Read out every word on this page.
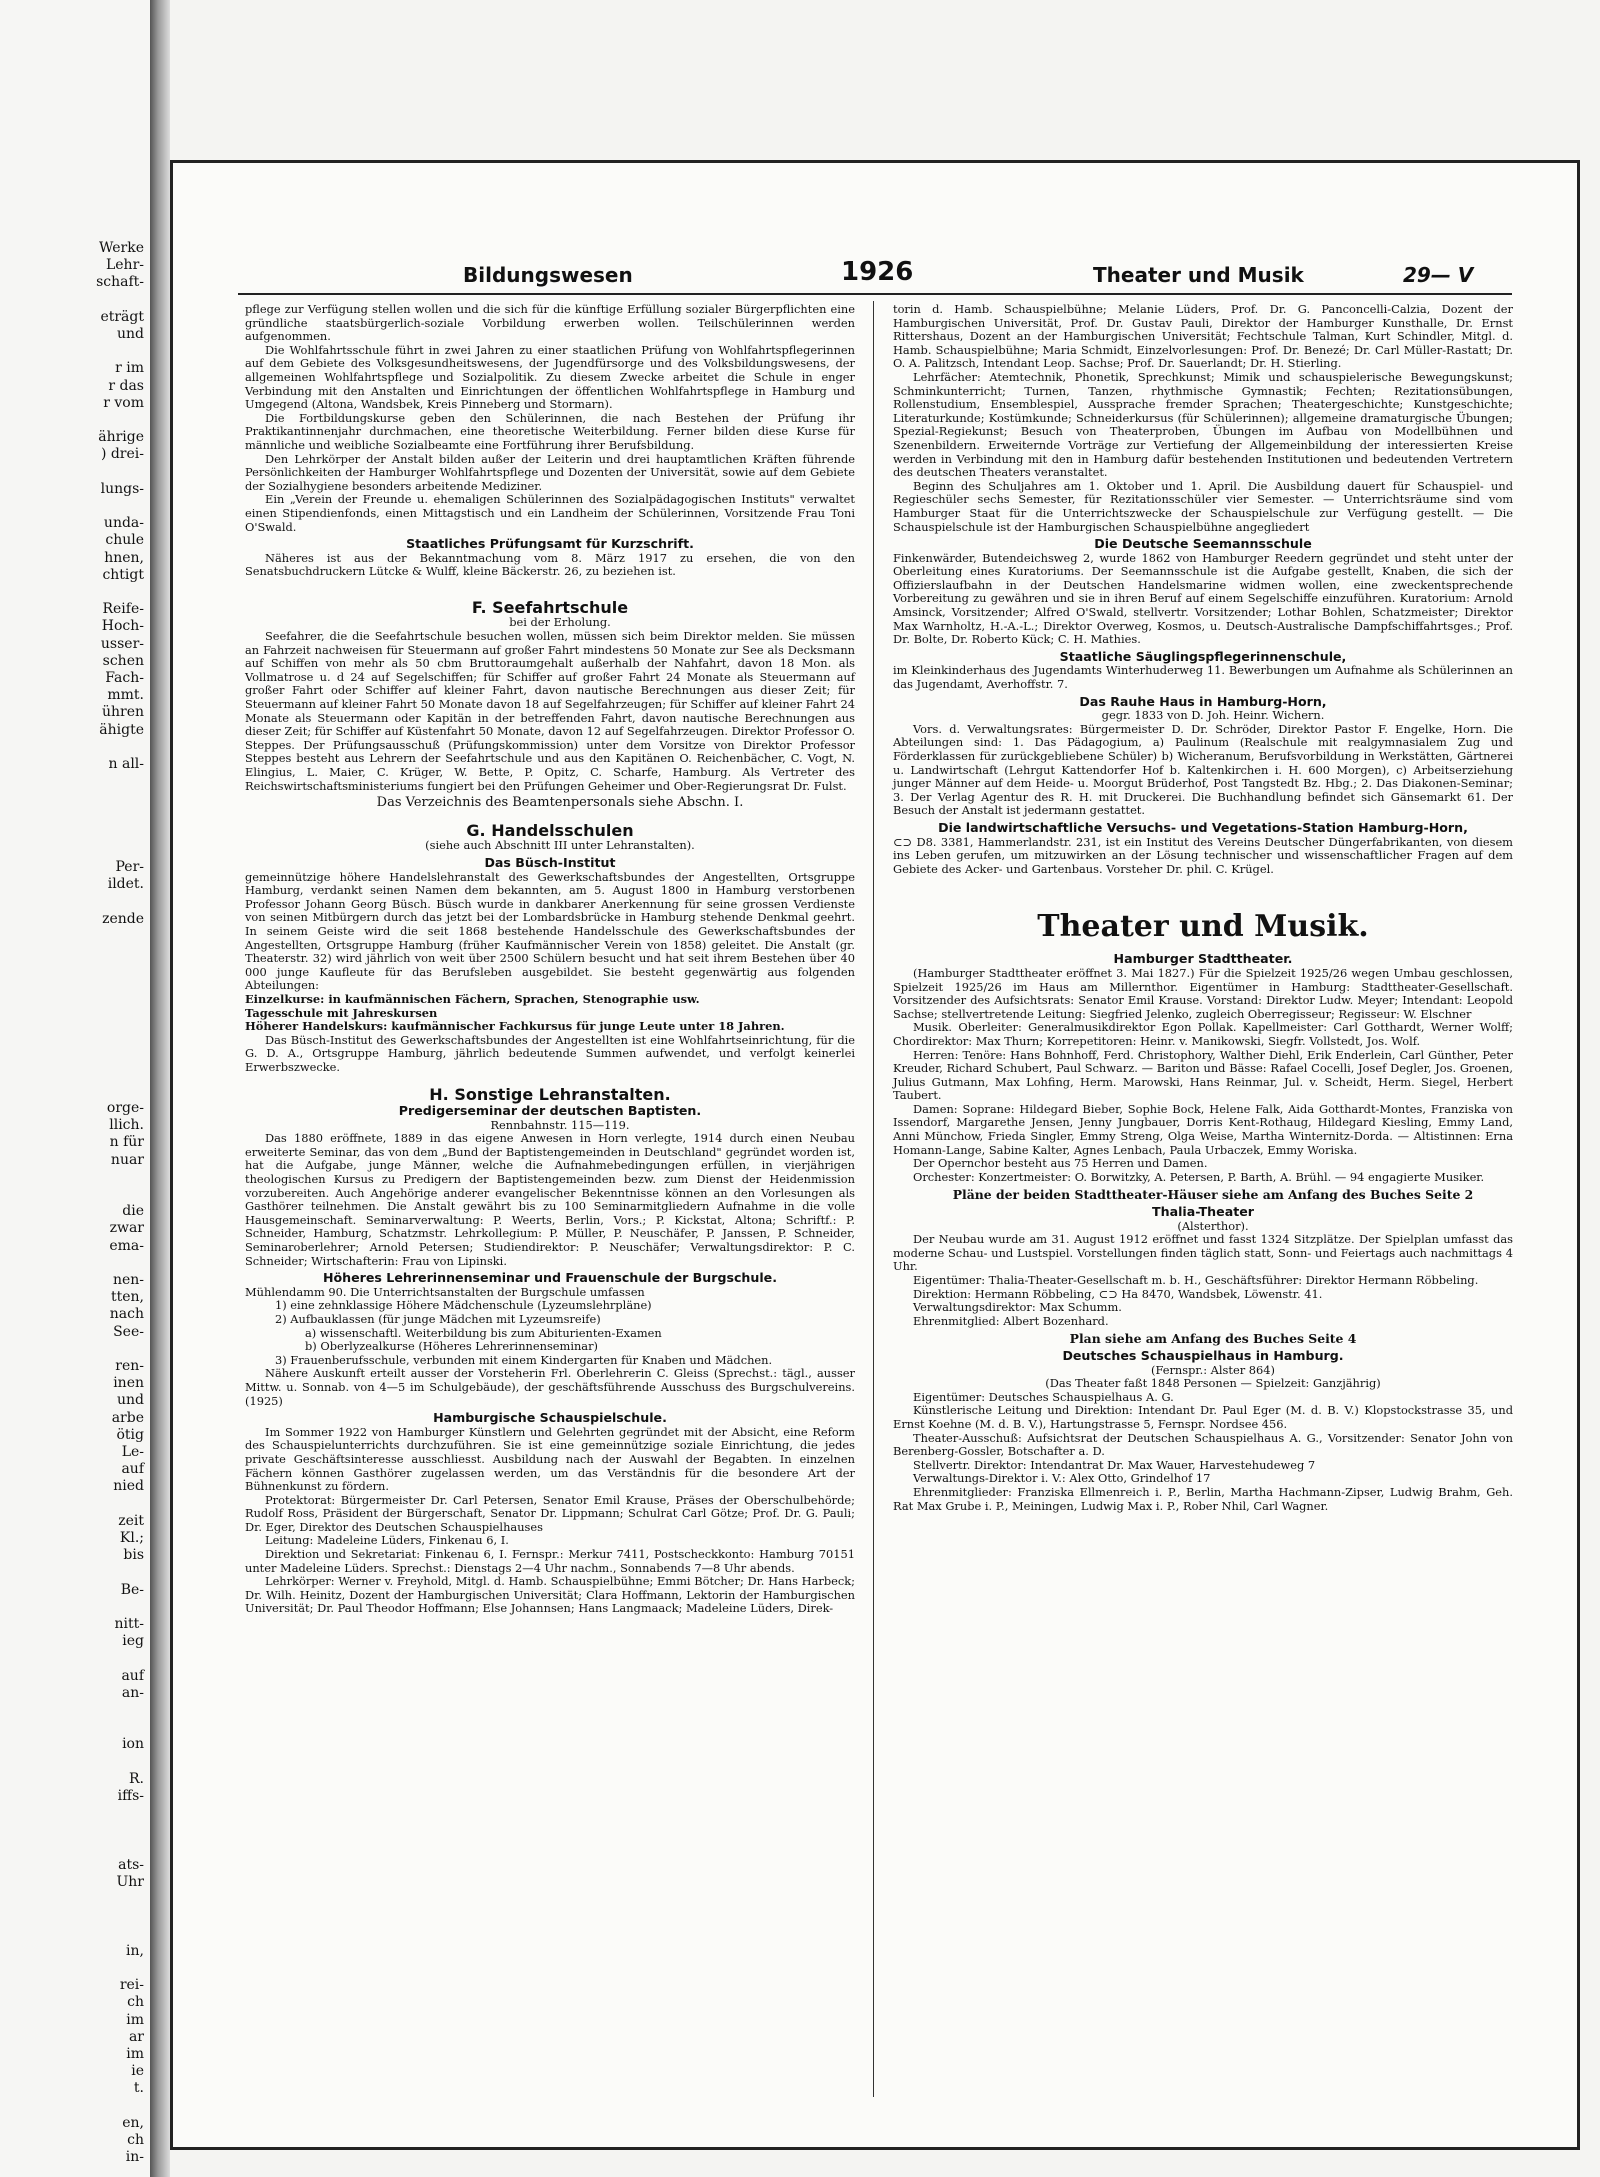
Werke
Lehr-
schaft-
eträgt
und
r im
r das
r vom
ährige
) drei-
lungs-
unda-
chule
hnen,
chtigt
Reife-
Hoch-
usser-
schen
Fach-
mmt.
ühren
ähigte
n all-
Per-
ildet.
zende
orge-
llich.
n für
nuar
die
zwar
ema-
nen-
tten,
nach
See-
ren-
inen
und
arbe
ötig
Le-
auf
nied
zeit
Kl.;
bis
Be-
nitt-
ieg
auf
an-
ion
R.
iffs-
ats-
Uhr
in,
rei-
ch
im
ar
im
ie
t.
en,
ch
in-
Bildungswesen	1926	Theater und Musik	29— V

pflege zur Verfügung stellen wollen und die sich für die künftige Erfüllung sozialer Bürgerpflichten eine gründliche staatsbürgerlich-soziale Vorbildung erwerben wollen. Teilschülerinnen werden aufgenommen.

Die Wohlfahrtsschule führt in zwei Jahren zu einer staatlichen Prüfung von Wohlfahrtspflegerinnen auf dem Gebiete des Volksgesundheitswesens, der Jugendfürsorge und des Volksbildungswesens, der allgemeinen Wohlfahrtspflege und Sozialpolitik. Zu diesem Zwecke arbeitet die Schule in enger Verbindung mit den Anstalten und Einrichtungen der öffentlichen Wohlfahrtspflege in Hamburg und Umgegend (Altona, Wandsbek, Kreis Pinneberg und Stormarn).

Die Fortbildungskurse geben den Schülerinnen, die nach Bestehen der Prüfung ihr Praktikantinnenjahr durchmachen, eine theoretische Weiterbildung. Ferner bilden diese Kurse für männliche und weibliche Sozialbeamte eine Fortführung ihrer Berufsbildung.

Den Lehrkörper der Anstalt bilden außer der Leiterin und drei hauptamtlichen Kräften führende Persönlichkeiten der Hamburger Wohlfahrtspflege und Dozenten der Universität, sowie auf dem Gebiete der Sozialhygiene besonders arbeitende Mediziner.

Ein „Verein der Freunde u. ehemaligen Schülerinnen des Sozialpädagogischen Instituts" verwaltet einen Stipendienfonds, einen Mittagstisch und ein Landheim der Schülerinnen, Vorsitzende Frau Toni O'Swald.

Staatliches Prüfungsamt für Kurzschrift.

Näheres ist aus der Bekanntmachung vom 8. März 1917 zu ersehen, die von den Senatsbuchdruckern Lütcke & Wulff, kleine Bäckerstr. 26, zu beziehen ist.

F. Seefahrtschule

bei der Erholung.

Seefahrer, die die Seefahrtschule besuchen wollen, müssen sich beim Direktor melden. Sie müssen an Fahrzeit nachweisen für Steuermann auf großer Fahrt mindestens 50 Monate zur See als Decksmann auf Schiffen von mehr als 50 cbm Bruttoraumgehalt außerhalb der Nahfahrt, davon 18 Mon. als Vollmatrose u. d 24 auf Segelschiffen; für Schiffer auf großer Fahrt 24 Monate als Steuermann auf großer Fahrt oder Schiffer auf kleiner Fahrt, davon nautische Berechnungen aus dieser Zeit; für Steuermann auf kleiner Fahrt 50 Monate davon 18 auf Segelfahrzeugen; für Schiffer auf kleiner Fahrt 24 Monate als Steuermann oder Kapitän in der betreffenden Fahrt, davon nautische Berechnungen aus dieser Zeit; für Schiffer auf Küstenfahrt 50 Monate, davon 12 auf Segelfahrzeugen. Direktor Professor O. Steppes. Der Prüfungsausschuß (Prüfungskommission) unter dem Vorsitze von Direktor Professor Steppes besteht aus Lehrern der Seefahrtschule und aus den Kapitänen O. Reichenbächer, C. Vogt, N. Elingius, L. Maier, C. Krüger, W. Bette, P. Opitz, C. Scharfe, Hamburg. Als Vertreter des Reichswirtschaftsministeriums fungiert bei den Prüfungen Geheimer und Ober-Regierungsrat Dr. Fulst.

Das Verzeichnis des Beamtenpersonals siehe Abschn. I.

G. Handelsschulen

(siehe auch Abschnitt III unter Lehranstalten).

Das Büsch-Institut

gemeinnützige höhere Handelslehranstalt des Gewerkschaftsbundes der Angestellten, Ortsgruppe Hamburg, verdankt seinen Namen dem bekannten, am 5. August 1800 in Hamburg verstorbenen Professor Johann Georg Büsch. Büsch wurde in dankbarer Anerkennung für seine grossen Verdienste von seinen Mitbürgern durch das jetzt bei der Lombardsbrücke in Hamburg stehende Denkmal geehrt. In seinem Geiste wird die seit 1868 bestehende Handelsschule des Gewerkschaftsbundes der Angestellten, Ortsgruppe Hamburg (früher Kaufmännischer Verein von 1858) geleitet. Die Anstalt (gr. Theaterstr. 32) wird jährlich von weit über 2500 Schülern besucht und hat seit ihrem Bestehen über 40 000 junge Kaufleute für das Berufsleben ausgebildet. Sie besteht gegenwärtig aus folgenden Abteilungen:

Einzelkurse: in kaufmännischen Fächern, Sprachen, Stenographie usw.

Tagesschule mit Jahreskursen

Höherer Handelskurs: kaufmännischer Fachkursus für junge Leute unter 18 Jahren.

Das Büsch-Institut des Gewerkschaftsbundes der Angestellten ist eine Wohlfahrtseinrichtung, für die G. D. A., Ortsgruppe Hamburg, jährlich bedeutende Summen aufwendet, und verfolgt keinerlei Erwerbszwecke.

H. Sonstige Lehranstalten.
Predigerseminar der deutschen Baptisten.

Rennbahnstr. 115—119.

Das 1880 eröffnete, 1889 in das eigene Anwesen in Horn verlegte, 1914 durch einen Neubau erweiterte Seminar, das von dem „Bund der Baptistengemeinden in Deutschland" gegründet worden ist, hat die Aufgabe, junge Männer, welche die Aufnahmebedingungen erfüllen, in vierjährigen theologischen Kursus zu Predigern der Baptistengemeinden bezw. zum Dienst der Heidenmission vorzubereiten. Auch Angehörige anderer evangelischer Bekenntnisse können an den Vorlesungen als Gasthörer teilnehmen. Die Anstalt gewährt bis zu 100 Seminarmitgliedern Aufnahme in die volle Hausgemeinschaft. Seminarverwaltung: P. Weerts, Berlin, Vors.; P. Kickstat, Altona; Schriftf.: P. Schneider, Hamburg, Schatzmstr. Lehrkollegium: P. Müller, P. Neuschäfer, P. Janssen, P. Schneider, Seminaroberlehrer; Arnold Petersen; Studiendirektor: P. Neuschäfer; Verwaltungsdirektor: P. C. Schneider; Wirtschafterin: Frau von Lipinski.

Höheres Lehrerinnenseminar und Frauenschule der Burgschule.

Mühlendamm 90. Die Unterrichtsanstalten der Burgschule umfassen

1) eine zehnklassige Höhere Mädchenschule (Lyzeumslehrpläne)

2) Aufbauklassen (für junge Mädchen mit Lyzeumsreife)

a) wissenschaftl. Weiterbildung bis zum Abiturienten-Examen

b) Oberlyzealkurse (Höheres Lehrerinnenseminar)

3) Frauenberufsschule, verbunden mit einem Kindergarten für Knaben und Mädchen.

Nähere Auskunft erteilt ausser der Vorsteherin Frl. Oberlehrerin C. Gleiss (Sprechst.: tägl., ausser Mittw. u. Sonnab. von 4—5 im Schulgebäude), der geschäftsführende Ausschuss des Burgschulvereins. (1925)

Hamburgische Schauspielschule.

Im Sommer 1922 von Hamburger Künstlern und Gelehrten gegründet mit der Absicht, eine Reform des Schauspielunterrichts durchzuführen. Sie ist eine gemeinnützige soziale Einrichtung, die jedes private Geschäftsinteresse ausschliesst. Ausbildung nach der Auswahl der Begabten. In einzelnen Fächern können Gasthörer zugelassen werden, um das Verständnis für die besondere Art der Bühnenkunst zu fördern.

Protektorat: Bürgermeister Dr. Carl Petersen, Senator Emil Krause, Präses der Oberschulbehörde; Rudolf Ross, Präsident der Bürgerschaft, Senator Dr. Lippmann; Schulrat Carl Götze; Prof. Dr. G. Pauli; Dr. Eger, Direktor des Deutschen Schauspielhauses

Leitung: Madeleine Lüders, Finkenau 6, I.

Direktion und Sekretariat: Finkenau 6, I. Fernspr.: Merkur 7411, Postscheckkonto: Hamburg 70151 unter Madeleine Lüders. Sprechst.: Dienstags 2—4 Uhr nachm., Sonnabends 7—8 Uhr abends.

Lehrkörper: Werner v. Freyhold, Mitgl. d. Hamb. Schauspielbühne; Emmi Bötcher; Dr. Hans Harbeck; Dr. Wilh. Heinitz, Dozent der Hamburgischen Universität; Clara Hoffmann, Lektorin der Hamburgischen Universität; Dr. Paul Theodor Hoffmann; Else Johannsen; Hans Langmaack; Madeleine Lüders, Direk-

torin d. Hamb. Schauspielbühne; Melanie Lüders, Prof. Dr. G. Panconcelli-Calzia, Dozent der Hamburgischen Universität, Prof. Dr. Gustav Pauli, Direktor der Hamburger Kunsthalle, Dr. Ernst Rittershaus, Dozent an der Hamburgischen Universität; Fechtschule Talman, Kurt Schindler, Mitgl. d. Hamb. Schauspielbühne; Maria Schmidt, Einzelvorlesungen: Prof. Dr. Benezé; Dr. Carl Müller-Rastatt; Dr. O. A. Palitzsch, Intendant Leop. Sachse; Prof. Dr. Sauerlandt; Dr. H. Stierling.

Lehrfächer: Atemtechnik, Phonetik, Sprechkunst; Mimik und schauspielerische Bewegungskunst; Schminkunterricht; Turnen, Tanzen, rhythmische Gymnastik; Fechten; Rezitationsübungen, Rollenstudium, Ensemblespiel, Aussprache fremder Sprachen; Theatergeschichte; Kunstgeschichte; Literaturkunde; Kostümkunde; Schneiderkursus (für Schülerinnen); allgemeine dramaturgische Übungen; Spezial-Regiekunst; Besuch von Theaterproben, Übungen im Aufbau von Modellbühnen und Szenenbildern. Erweiternde Vorträge zur Vertiefung der Allgemeinbildung der interessierten Kreise werden in Verbindung mit den in Hamburg dafür bestehenden Institutionen und bedeutenden Vertretern des deutschen Theaters veranstaltet.

Beginn des Schuljahres am 1. Oktober und 1. April. Die Ausbildung dauert für Schauspiel- und Regieschüler sechs Semester, für Rezitationsschüler vier Semester. — Unterrichtsräume sind vom Hamburger Staat für die Unterrichtszwecke der Schauspielschule zur Verfügung gestellt. — Die Schauspielschule ist der Hamburgischen Schauspielbühne angegliedert

Die Deutsche Seemannsschule

Finkenwärder, Butendeichsweg 2, wurde 1862 von Hamburger Reedern gegründet und steht unter der Oberleitung eines Kuratoriums. Der Seemannsschule ist die Aufgabe gestellt, Knaben, die sich der Offizierslaufbahn in der Deutschen Handelsmarine widmen wollen, eine zweckentsprechende Vorbereitung zu gewähren und sie in ihren Beruf auf einem Segelschiffe einzuführen. Kuratorium: Arnold Amsinck, Vorsitzender; Alfred O'Swald, stellvertr. Vorsitzender; Lothar Bohlen, Schatzmeister; Direktor Max Warnholtz, H.-A.-L.; Direktor Overweg, Kosmos, u. Deutsch-Australische Dampfschiffahrtsges.; Prof. Dr. Bolte, Dr. Roberto Kück; C. H. Mathies.

Staatliche Säuglingspflegerinnenschule,

im Kleinkinderhaus des Jugendamts Winterhuderweg 11. Bewerbungen um Aufnahme als Schülerinnen an das Jugendamt, Averhoffstr. 7.

Das Rauhe Haus in Hamburg-Horn,

gegr. 1833 von D. Joh. Heinr. Wichern.

Vors. d. Verwaltungsrates: Bürgermeister D. Dr. Schröder, Direktor Pastor F. Engelke, Horn. Die Abteilungen sind: 1. Das Pädagogium, a) Paulinum (Realschule mit realgymnasialem Zug und Förderklassen für zurückgebliebene Schüler) b) Wicheranum, Berufsvorbildung in Werkstätten, Gärtnerei u. Landwirtschaft (Lehrgut Kattendorfer Hof b. Kaltenkirchen i. H. 600 Morgen), c) Arbeitserziehung junger Männer auf dem Heide- u. Moorgut Brüderhof, Post Tangstedt Bz. Hbg.; 2. Das Diakonen-Seminar; 3. Der Verlag Agentur des R. H. mit Druckerei. Die Buchhandlung befindet sich Gänsemarkt 61. Der Besuch der Anstalt ist jedermann gestattet.

Die landwirtschaftliche Versuchs- und Vegetations-Station Hamburg-Horn,

⊂⊃ D8. 3381, Hammerlandstr. 231, ist ein Institut des Vereins Deutscher Düngerfabrikanten, von diesem ins Leben gerufen, um mitzuwirken an der Lösung technischer und wissenschaftlicher Fragen auf dem Gebiete des Acker- und Gartenbaus. Vorsteher Dr. phil. C. Krügel.

Theater und Musik.
Hamburger Stadttheater.

(Hamburger Stadttheater eröffnet 3. Mai 1827.) Für die Spielzeit 1925/26 wegen Umbau geschlossen, Spielzeit 1925/26 im Haus am Millernthor. Eigentümer in Hamburg: Stadttheater-Gesellschaft. Vorsitzender des Aufsichtsrats: Senator Emil Krause. Vorstand: Direktor Ludw. Meyer; Intendant: Leopold Sachse; stellvertretende Leitung: Siegfried Jelenko, zugleich Oberregisseur; Regisseur: W. Elschner

Musik. Oberleiter: Generalmusikdirektor Egon Pollak. Kapellmeister: Carl Gotthardt, Werner Wolff; Chordirektor: Max Thurn; Korrepetitoren: Heinr. v. Manikowski, Siegfr. Vollstedt, Jos. Wolf.

Herren: Tenöre: Hans Bohnhoff, Ferd. Christophory, Walther Diehl, Erik Enderlein, Carl Günther, Peter Kreuder, Richard Schubert, Paul Schwarz. — Bariton und Bässe: Rafael Cocelli, Josef Degler, Jos. Groenen, Julius Gutmann, Max Lohfing, Herm. Marowski, Hans Reinmar, Jul. v. Scheidt, Herm. Siegel, Herbert Taubert.

Damen: Soprane: Hildegard Bieber, Sophie Bock, Helene Falk, Aida Gotthardt-Montes, Franziska von Issendorf, Margarethe Jensen, Jenny Jungbauer, Dorris Kent-Rothaug, Hildegard Kiesling, Emmy Land, Anni Münchow, Frieda Singler, Emmy Streng, Olga Weise, Martha Winternitz-Dorda. — Altistinnen: Erna Homann-Lange, Sabine Kalter, Agnes Lenbach, Paula Urbaczek, Emmy Woriska.

Der Opernchor besteht aus 75 Herren und Damen.

Orchester: Konzertmeister: O. Borwitzky, A. Petersen, P. Barth, A. Brühl. — 94 engagierte Musiker.

Pläne der beiden Stadttheater-Häuser siehe am Anfang des Buches Seite 2

Thalia-Theater

(Alsterthor).

Der Neubau wurde am 31. August 1912 eröffnet und fasst 1324 Sitzplätze. Der Spielplan umfasst das moderne Schau- und Lustspiel. Vorstellungen finden täglich statt, Sonn- und Feiertags auch nachmittags 4 Uhr.

Eigentümer: Thalia-Theater-Gesellschaft m. b. H., Geschäftsführer: Direktor Hermann Röbbeling.

Direktion: Hermann Röbbeling, ⊂⊃ Ha 8470, Wandsbek, Löwenstr. 41.

Verwaltungsdirektor: Max Schumm.

Ehrenmitglied: Albert Bozenhard.

Plan siehe am Anfang des Buches Seite 4

Deutsches Schauspielhaus in Hamburg.

(Fernspr.: Alster 864)

(Das Theater faßt 1848 Personen — Spielzeit: Ganzjährig)

Eigentümer: Deutsches Schauspielhaus A. G.

Künstlerische Leitung und Direktion: Intendant Dr. Paul Eger (M. d. B. V.) Klopstockstrasse 35, und Ernst Koehne (M. d. B. V.), Hartungstrasse 5, Fernspr. Nordsee 456.

Theater-Ausschuß: Aufsichtsrat der Deutschen Schauspielhaus A. G., Vorsitzender: Senator John von Berenberg-Gossler, Botschafter a. D.

Stellvertr. Direktor: Intendantrat Dr. Max Wauer, Harvestehudeweg 7

Verwaltungs-Direktor i. V.: Alex Otto, Grindelhof 17

Ehrenmitglieder: Franziska Ellmenreich i. P., Berlin, Martha Hachmann-Zipser, Ludwig Brahm, Geh. Rat Max Grube i. P., Meiningen, Ludwig Max i. P., Rober Nhil, Carl Wagner.
